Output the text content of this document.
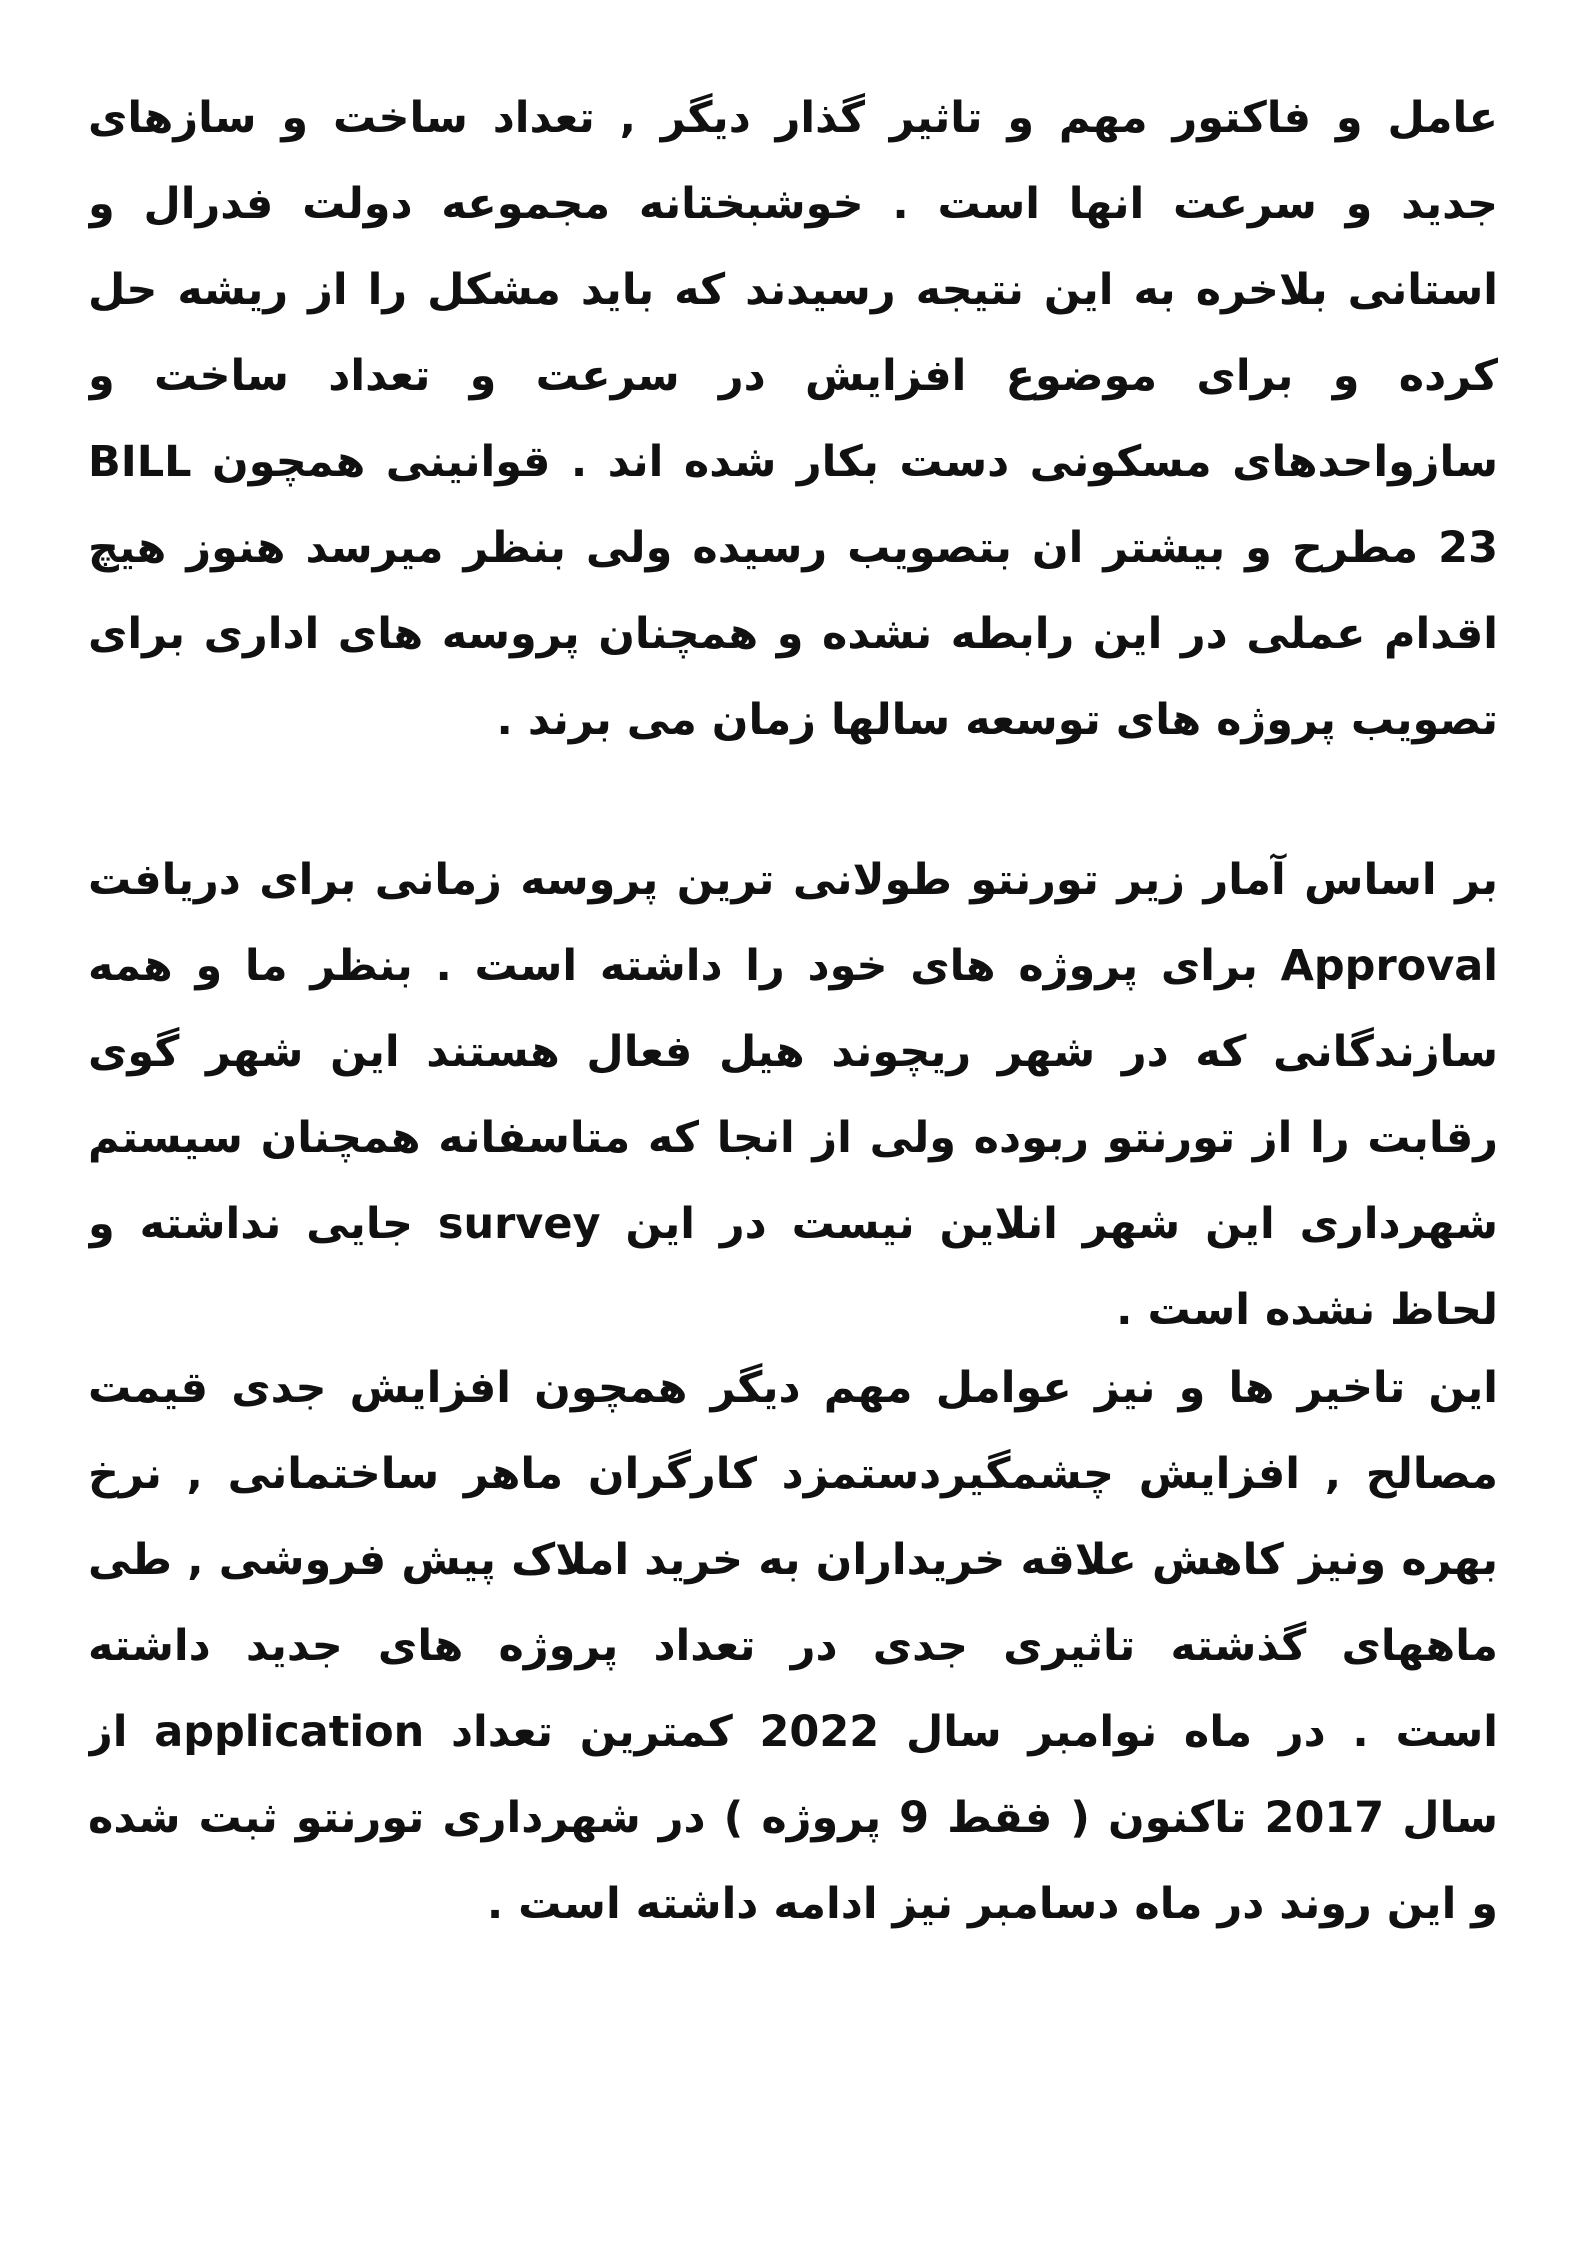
عامل و فاکتور مهم و تاثیر گذار دیگر , تعداد ساخت و سازهای
جدید و سرعت انها است . خوشبختانه مجموعه دولت فدرال و
استانی بلاخره به این نتیجه رسیدند که باید مشکل را از ریشه حل
کرده و برای موضوع افزایش در سرعت و تعداد ساخت و
سازواحدهای مسکونی دست بکار شده اند . قوانینی همچون BILL
23 مطرح و بیشتر ان بتصویب رسیده ولی بنظر میرسد هنوز هیچ
اقدام عملی در این رابطه نشده و همچنان پروسه های اداری برای
تصویب پروژه های توسعه سالها زمان می برند .
بر اساس آمار زیر تورنتو طولانی ترین پروسه زمانی برای دریافت
Approval برای پروژه های خود را داشته است . بنظر ما و همه
سازندگانی که در شهر ریچوند هیل فعال هستند این شهر گوی
رقابت را از تورنتو ربوده ولی از انجا که متاسفانه همچنان سیستم
شهرداری این شهر انلاین نیست در این survey جایی نداشته و
لحاظ نشده است .
این تاخیر ها و نیز عوامل مهم دیگر همچون افزایش جدی قیمت
مصالح , افزایش چشمگیردستمزد کارگران ماهر ساختمانی , نرخ
بهره ونیز کاهش علاقه خریداران به خرید املاک پیش فروشی , طی
ماههای گذشته تاثیری جدی در تعداد پروژه های جدید داشته
است . در ماه نوامبر سال 2022 کمترین تعداد application از
سال 2017 تاکنون ( فقط 9 پروژه ) در شهرداری تورنتو ثبت شده
و این روند در ماه دسامبر نیز ادامه داشته است .
